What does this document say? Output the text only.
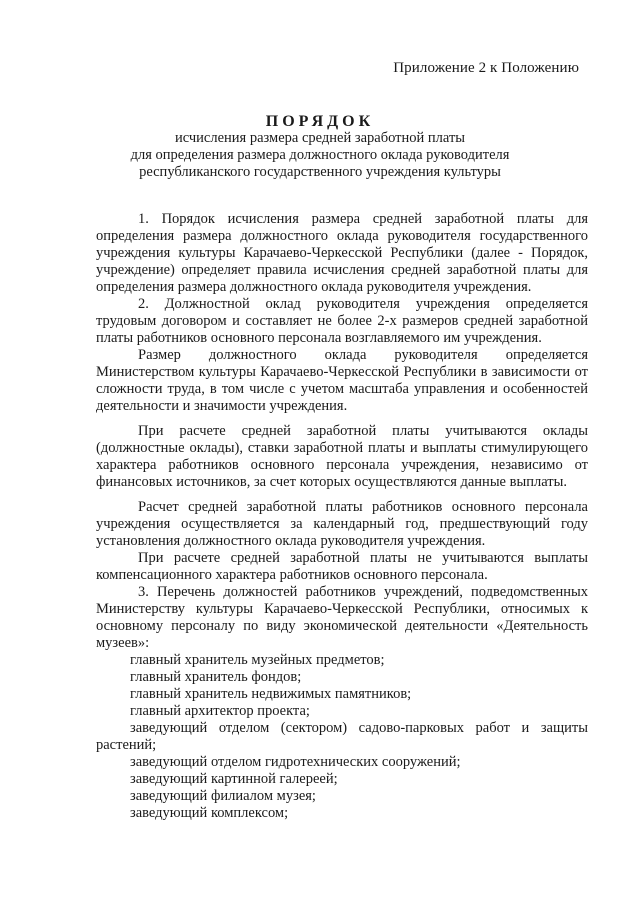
Приложение 2 к Положению
ПОРЯДОК
исчисления размера средней заработной платы
для определения размера должностного оклада руководителя
республиканского государственного учреждения культуры

1. Порядок исчисления размера средней заработной платы для определения размера должностного оклада руководителя государственного учреждения культуры Карачаево-Черкесской Республики (далее - Порядок, учреждение) определяет правила исчисления средней заработной платы для определения размера должностного оклада руководителя учреждения.

2. Должностной оклад руководителя учреждения определяется трудовым договором и составляет не более 2-х размеров средней заработной платы работников основного персонала возглавляемого им учреждения.

Размер должностного оклада руководителя определяется Министерством культуры Карачаево-Черкесской Республики в зависимости от сложности труда, в том числе с учетом масштаба управления и особенностей деятельности и значимости учреждения.

При расчете средней заработной платы учитываются оклады (должностные оклады), ставки заработной платы и выплаты стимулирующего характера работников основного персонала учреждения, независимо от финансовых источников, за счет которых осуществляются данные выплаты.

Расчет средней заработной платы работников основного персонала учреждения осуществляется за календарный год, предшествующий году установления должностного оклада руководителя учреждения.

При расчете средней заработной платы не учитываются выплаты компенсационного характера работников основного персонала.

3. Перечень должностей работников учреждений, подведомственных Министерству культуры Карачаево-Черкесской Республики, относимых к основному персоналу по виду экономической деятельности «Деятельность музеев»:

главный хранитель музейных предметов;
главный хранитель фондов;
главный хранитель недвижимых памятников;
главный архитектор проекта;
заведующий отделом (сектором) садово-парковых работ и защиты растений;
заведующий отделом гидротехнических сооружений;
заведующий картинной галереей;
заведующий филиалом музея;
заведующий комплексом;
